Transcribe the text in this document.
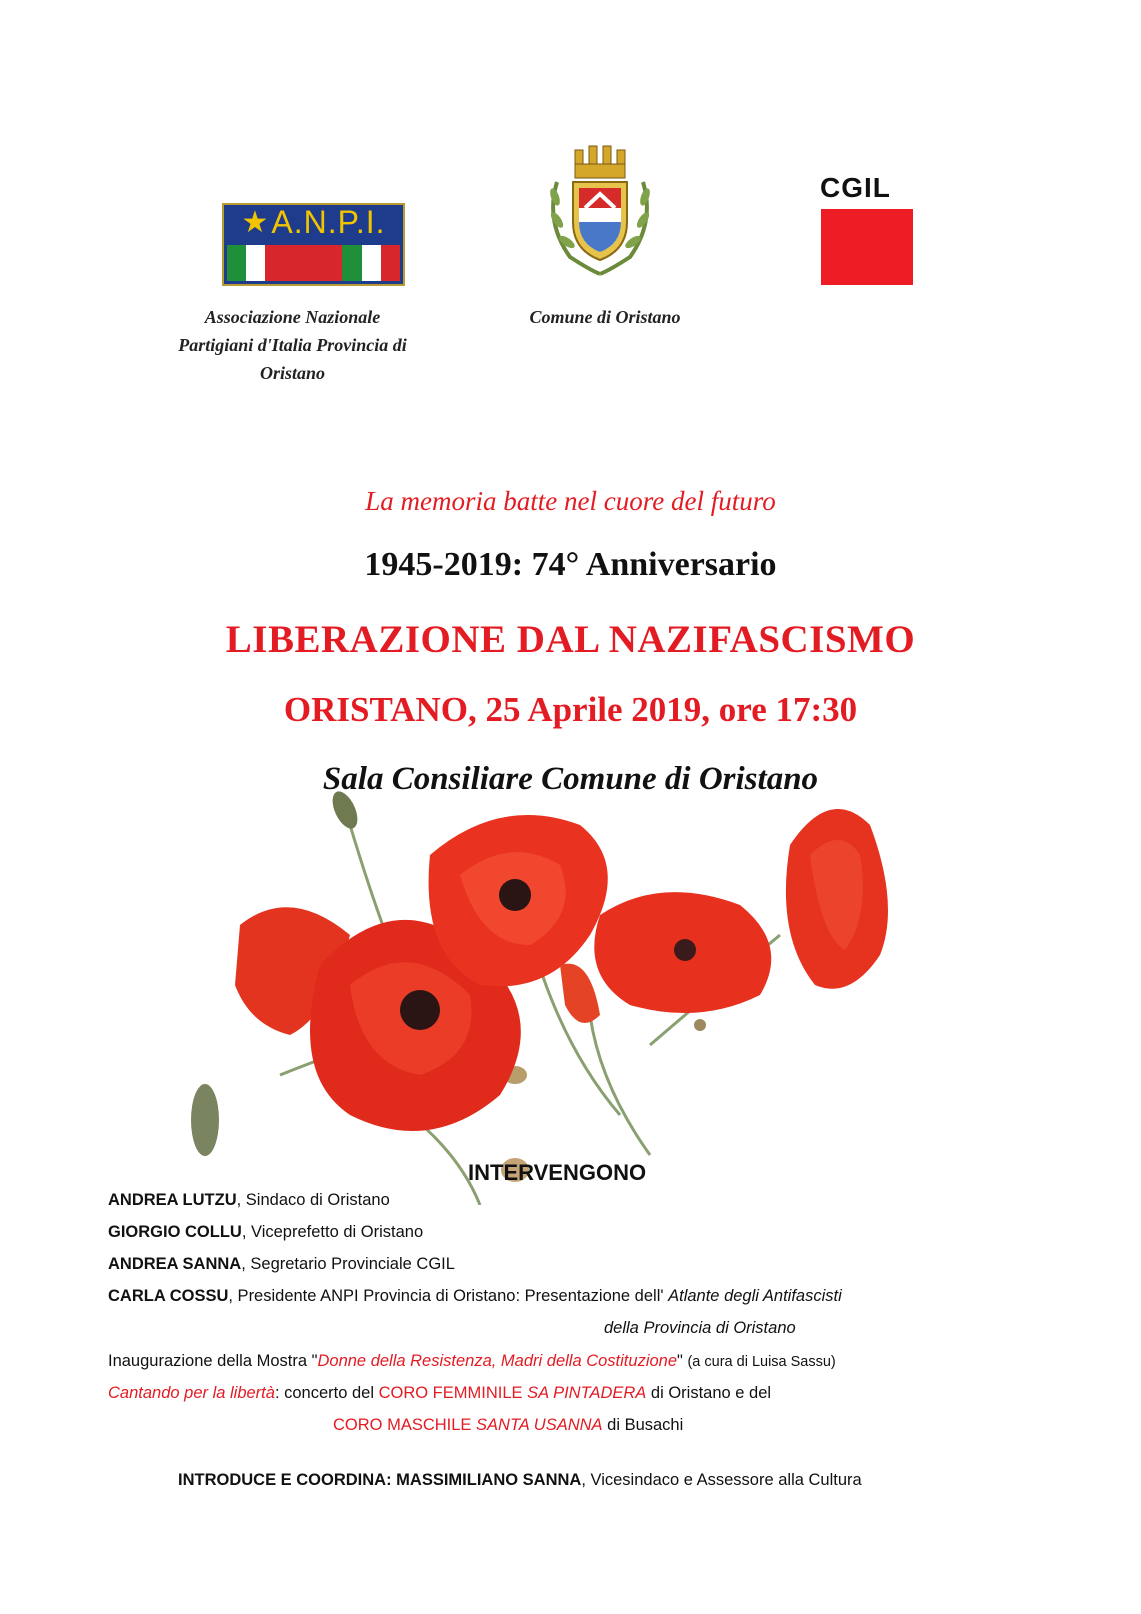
★ A.N.P.I.
CGIL
Associazione Nazionale
Partigiani d'Italia Provincia di
Oristano
Comune di Oristano
La memoria batte nel cuore del futuro
1945-2019: 74° Anniversario
LIBERAZIONE DAL NAZIFASCISMO
ORISTANO, 25 Aprile 2019, ore 17:30
Sala Consiliare Comune di Oristano
INTERVENGONO
ANDREA LUTZU, Sindaco di Oristano
GIORGIO COLLU, Viceprefetto di Oristano
ANDREA SANNA, Segretario Provinciale CGIL
CARLA COSSU, Presidente ANPI Provincia di Oristano: Presentazione dell' Atlante degli Antifascisti
della Provincia di Oristano
Inaugurazione della Mostra "Donne della Resistenza, Madri della Costituzione" (a cura di Luisa Sassu)
Cantando per la libertà: concerto del CORO FEMMINILE SA PINTADERA di Oristano e del
CORO MASCHILE SANTA USANNA di Busachi
INTRODUCE E COORDINA: MASSIMILIANO SANNA, Vicesindaco e Assessore alla Cultura
